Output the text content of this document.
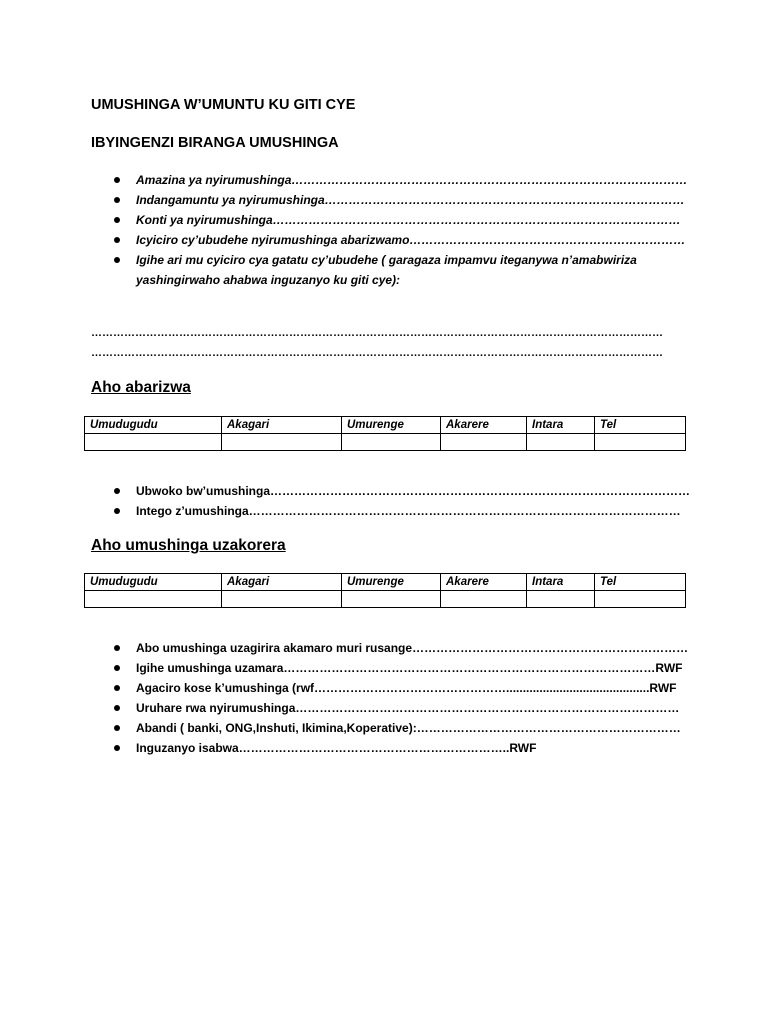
UMUSHINGA W’UMUNTU KU GITI CYE
IBYINGENZI BIRANGA UMUSHINGA
Amazina ya nyirumushinga………………………………………………………………………………………
Indangamuntu ya nyirumushinga………………………………………………………………………………
Konti ya nyirumushinga…………………………………………………………………………………………
Icyiciro cy’ubudehe nyirumushinga abarizwamo……………………………………………………………
Igihe ari mu cyiciro cya gatatu cy’ubudehe ( garagaza impamvu iteganywa n’amabwiriza yashingirwaho ahabwa inguzanyo ku giti cye):
…………………………………………………………………………………………………………………………………………
…………………………………………………………………………………………………………………………………………
Aho abarizwa
Umudugudu	Akagari	Umurenge	Akarere	Intara	Tel

Ubwoko bw’umushinga……………………………………………………………………………………………
Intego z’umushinga………………………………………………………………………………………………
Aho umushinga uzakorera
Umudugudu	Akagari	Umurenge	Akarere	Intara	Tel

Abo umushinga uzagirira akamaro muri rusange……………………………………………………………
Igihe umushinga uzamara…………………………………………………………………………………RWF
Agaciro kose k’umushinga (rwf…………………………………………...........................................RWF
Uruhare rwa nyirumushinga……………………………………………………………………………………
Abandi ( banki, ONG,Inshuti, Ikimina,Koperative):…………………………………………………………
Inguzanyo isabwa…………………………………………………………..RWF
